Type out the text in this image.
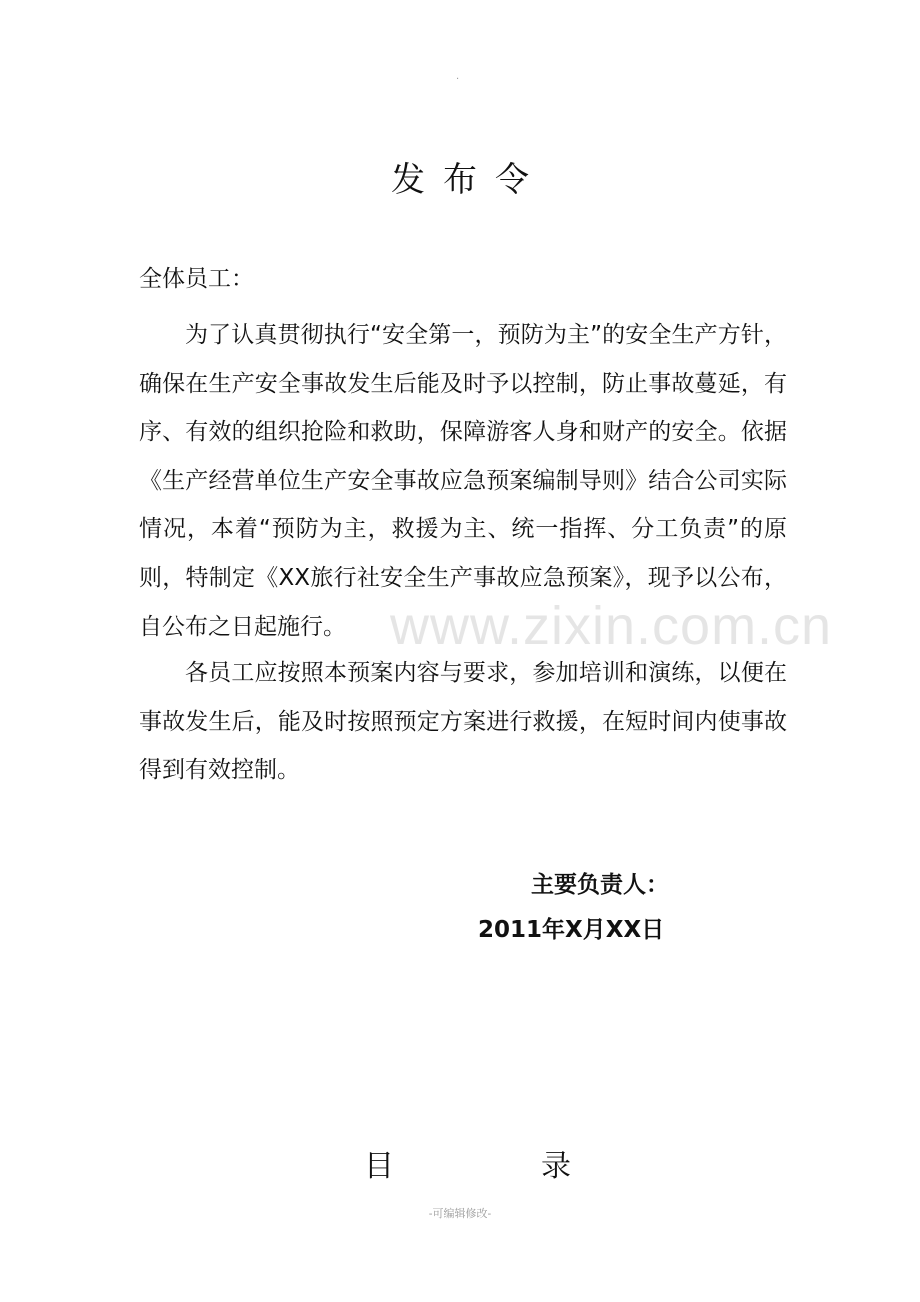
.
发布令
全体员工：

为了认真贯彻执行“安全第一，预防为主”的安全生产方针，确保在生产安全事故发生后能及时予以控制，防止事故蔓延，有序、有效的组织抢险和救助，保障游客人身和财产的安全。依据《生产经营单位生产安全事故应急预案编制导则》结合公司实际情况，本着“预防为主，救援为主、统一指挥、分工负责”的原则，特制定《XX旅行社安全生产事故应急预案》，现予以公布，自公布之日起施行。 www.zixin.com.cn

各员工应按照本预案内容与要求，参加培训和演练，以便在事故发生后，能及时按照预定方案进行救援，在短时间内使事故得到有效控制。

主要负责人：
2011年X月XX日
目	录
-可编辑修改-
